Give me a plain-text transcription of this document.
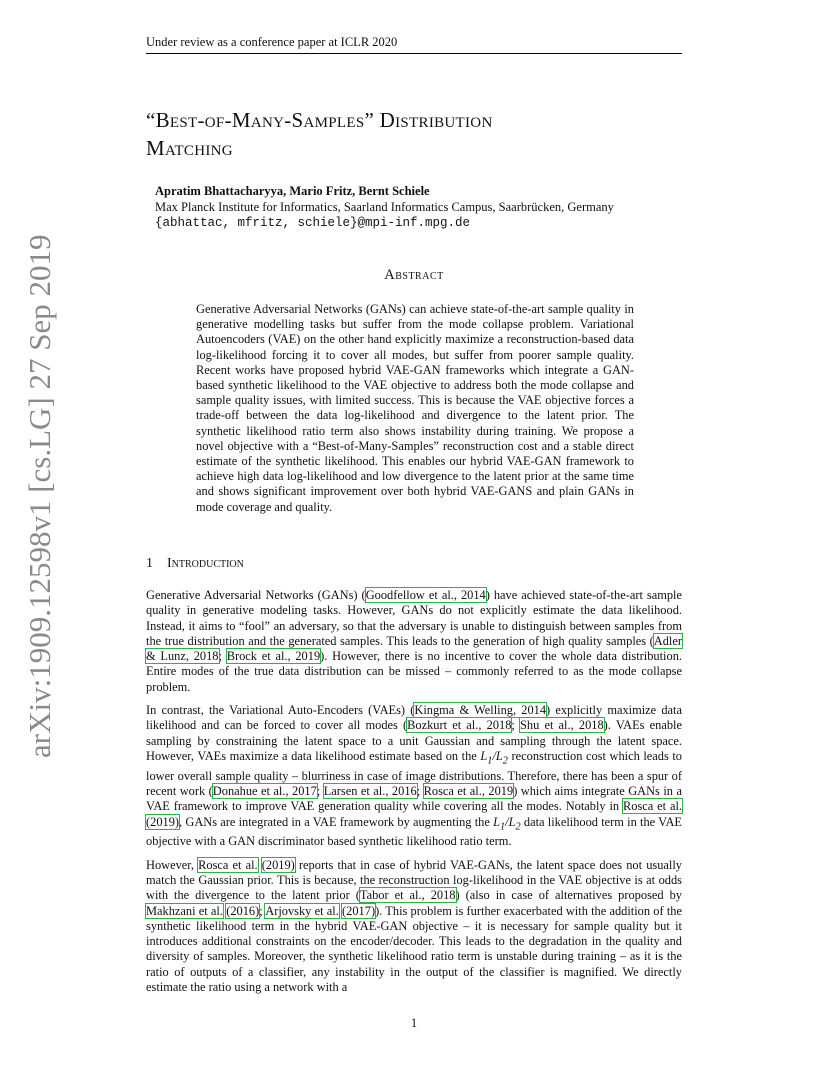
Under review as a conference paper at ICLR 2020
“Best-of-Many-Samples” Distribution
Matching
Apratim Bhattacharyya, Mario Fritz, Bernt Schiele
Max Planck Institute for Informatics, Saarland Informatics Campus, Saarbrücken, Germany
{abhattac, mfritz, schiele}@mpi-inf.mpg.de
Abstract
Generative Adversarial Networks (GANs) can achieve state-of-the-art sample quality in generative modelling tasks but suffer from the mode collapse problem. Variational Autoencoders (VAE) on the other hand explicitly maximize a reconstruction-based data log-likelihood forcing it to cover all modes, but suffer from poorer sample quality. Recent works have proposed hybrid VAE-GAN frameworks which integrate a GAN-based synthetic likelihood to the VAE objective to address both the mode collapse and sample quality issues, with limited success. This is because the VAE objective forces a trade-off between the data log-likelihood and divergence to the latent prior. The synthetic likelihood ratio term also shows instability during training. We propose a novel objective with a “Best-of-Many-Samples” reconstruction cost and a stable direct estimate of the synthetic likelihood. This enables our hybrid VAE-GAN framework to achieve high data log-likelihood and low divergence to the latent prior at the same time and shows significant improvement over both hybrid VAE-GANS and plain GANs in mode coverage and quality.
1 Introduction

Generative Adversarial Networks (GANs) (Goodfellow et al., 2014) have achieved state-of-the-art sample quality in generative modeling tasks. However, GANs do not explicitly estimate the data likelihood. Instead, it aims to “fool” an adversary, so that the adversary is unable to distinguish between samples from the true distribution and the generated samples. This leads to the generation of high quality samples (Adler & Lunz, 2018; Brock et al., 2019). However, there is no incentive to cover the whole data distribution. Entire modes of the true data distribution can be missed – commonly referred to as the mode collapse problem.

In contrast, the Variational Auto-Encoders (VAEs) (Kingma & Welling, 2014) explicitly maximize data likelihood and can be forced to cover all modes (Bozkurt et al., 2018; Shu et al., 2018). VAEs enable sampling by constraining the latent space to a unit Gaussian and sampling through the latent space. However, VAEs maximize a data likelihood estimate based on the $L_1/L_2$ reconstruction cost which leads to lower overall sample quality – blurriness in case of image distributions. Therefore, there has been a spur of recent work (Donahue et al., 2017; Larsen et al., 2016; Rosca et al., 2019) which aims integrate GANs in a VAE framework to improve VAE generation quality while covering all the modes. Notably in Rosca et al. (2019), GANs are integrated in a VAE framework by augmenting the $L_1/L_2$ data likelihood term in the VAE objective with a GAN discriminator based synthetic likelihood ratio term.

However, Rosca et al. (2019) reports that in case of hybrid VAE-GANs, the latent space does not usually match the Gaussian prior. This is because, the reconstruction log-likelihood in the VAE objective is at odds with the divergence to the latent prior (Tabor et al., 2018) (also in case of alternatives proposed by Makhzani et al. (2016); Arjovsky et al. (2017)). This problem is further exacerbated with the addition of the synthetic likelihood term in the hybrid VAE-GAN objective – it is necessary for sample quality but it introduces additional constraints on the encoder/decoder. This leads to the degradation in the quality and diversity of samples. Moreover, the synthetic likelihood ratio term is unstable during training – as it is the ratio of outputs of a classifier, any instability in the output of the classifier is magnified. We directly estimate the ratio using a network with a

arXiv:1909.12598v1 [cs.LG] 27 Sep 2019
1
